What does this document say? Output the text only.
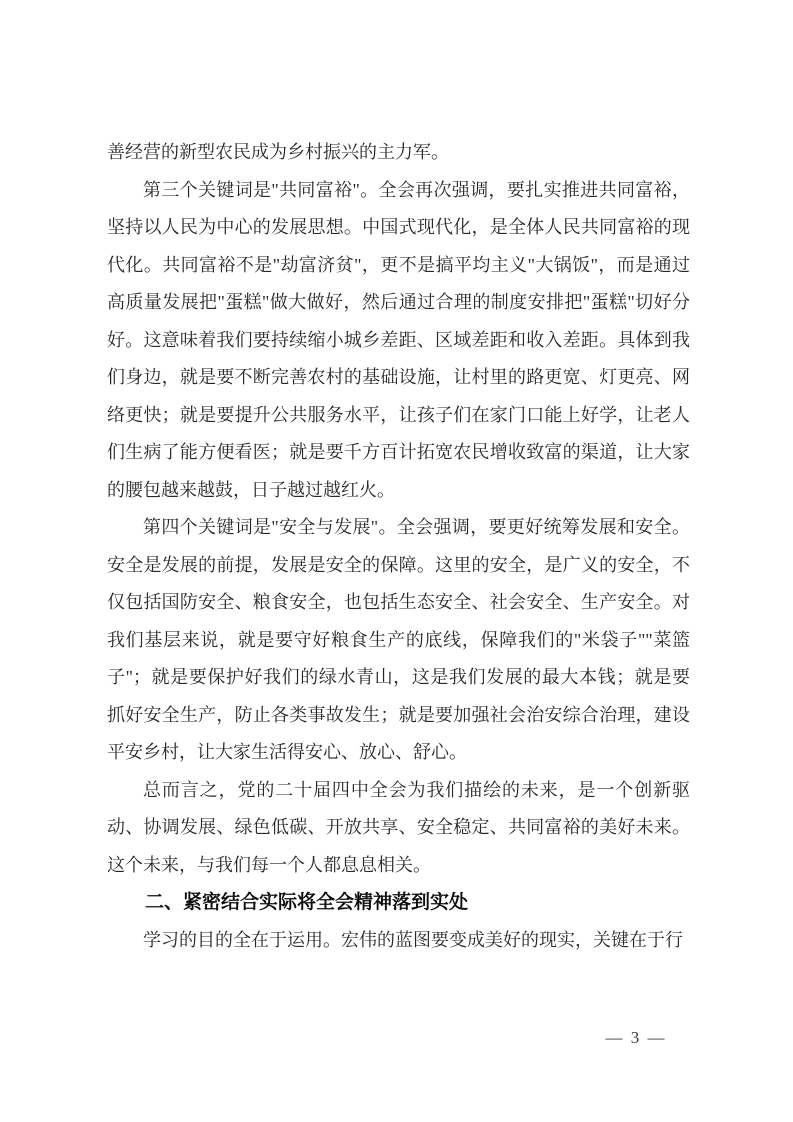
善经营的新型农民成为乡村振兴的主力军。

第三个关键词是"共同富裕"。全会再次强调，要扎实推进共同富裕，坚持以人民为中心的发展思想。中国式现代化，是全体人民共同富裕的现代化。共同富裕不是"劫富济贫"，更不是搞平均主义"大锅饭"，而是通过高质量发展把"蛋糕"做大做好，然后通过合理的制度安排把"蛋糕"切好分好。这意味着我们要持续缩小城乡差距、区域差距和收入差距。具体到我们身边，就是要不断完善农村的基础设施，让村里的路更宽、灯更亮、网络更快；就是要提升公共服务水平，让孩子们在家门口能上好学，让老人们生病了能方便看医；就是要千方百计拓宽农民增收致富的渠道，让大家的腰包越来越鼓，日子越过越红火。

第四个关键词是"安全与发展"。全会强调，要更好统筹发展和安全。安全是发展的前提，发展是安全的保障。这里的安全，是广义的安全，不仅包括国防安全、粮食安全，也包括生态安全、社会安全、生产安全。对我们基层来说，就是要守好粮食生产的底线，保障我们的"米袋子""菜篮子"；就是要保护好我们的绿水青山，这是我们发展的最大本钱；就是要抓好安全生产，防止各类事故发生；就是要加强社会治安综合治理，建设平安乡村，让大家生活得安心、放心、舒心。

总而言之，党的二十届四中全会为我们描绘的未来，是一个创新驱动、协调发展、绿色低碳、开放共享、安全稳定、共同富裕的美好未来。这个未来，与我们每一个人都息息相关。

二、紧密结合实际将全会精神落到实处

学习的目的全在于运用。宏伟的蓝图要变成美好的现实，关键在于行

— 3 —
